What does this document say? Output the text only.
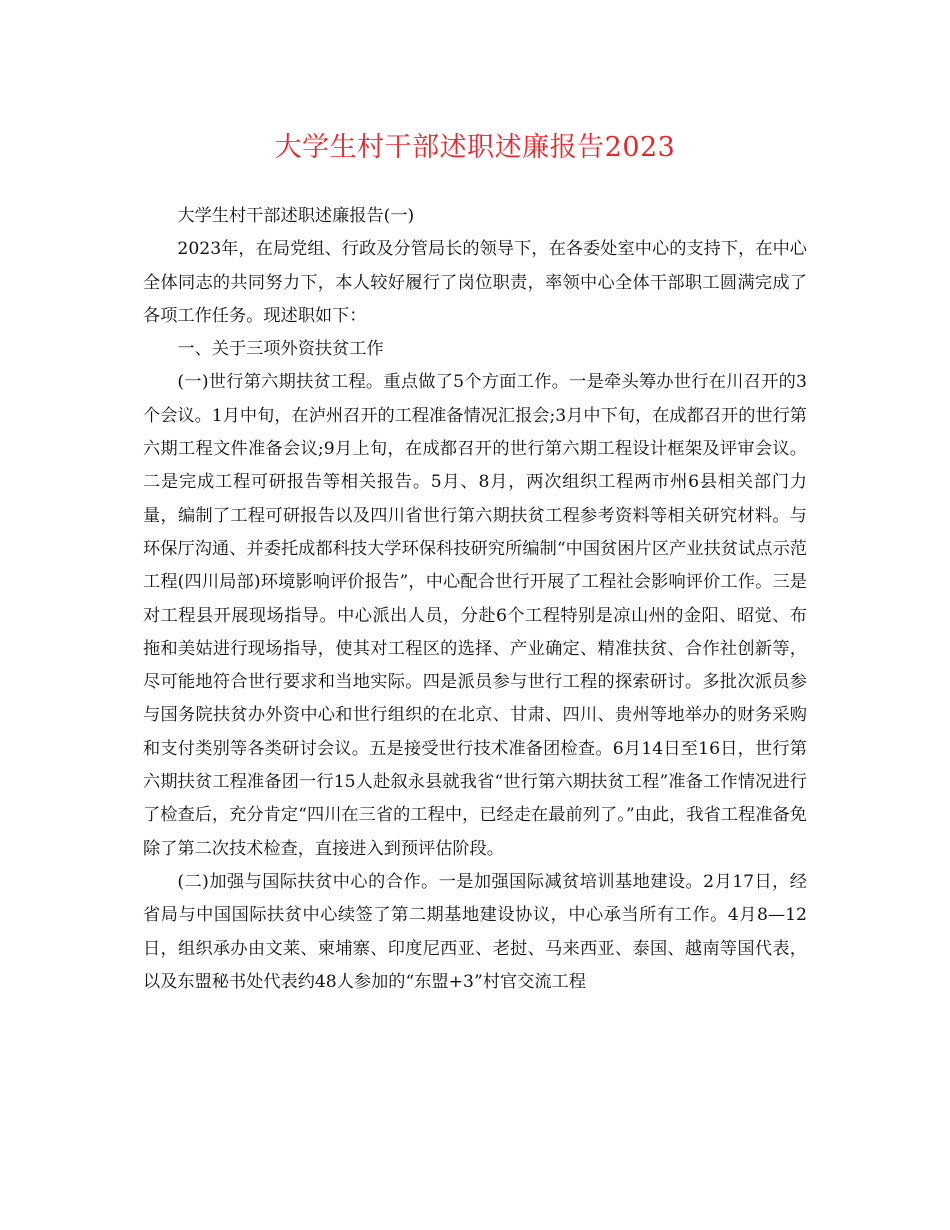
大学生村干部述职述廉报告2023

大学生村干部述职述廉报告(一)

2023年，在局党组、行政及分管局长的领导下，在各委处室中心的支持下，在中心全体同志的共同努力下，本人较好履行了岗位职责，率领中心全体干部职工圆满完成了各项工作任务。现述职如下：

一、关于三项外资扶贫工作

(一)世行第六期扶贫工程。重点做了5个方面工作。一是牵头筹办世行在川召开的3个会议。1月中旬，在泸州召开的工程准备情况汇报会;3月中下旬，在成都召开的世行第六期工程文件准备会议;9月上旬，在成都召开的世行第六期工程设计框架及评审会议。二是完成工程可研报告等相关报告。5月、8月，两次组织工程两市州6县相关部门力量，编制了工程可研报告以及四川省世行第六期扶贫工程参考资料等相关研究材料。与环保厅沟通、并委托成都科技大学环保科技研究所编制“中国贫困片区产业扶贫试点示范工程(四川局部)环境影响评价报告”，中心配合世行开展了工程社会影响评价工作。三是对工程县开展现场指导。中心派出人员，分赴6个工程特别是凉山州的金阳、昭觉、布拖和美姑进行现场指导，使其对工程区的选择、产业确定、精准扶贫、合作社创新等，尽可能地符合世行要求和当地实际。四是派员参与世行工程的探索研讨。多批次派员参与国务院扶贫办外资中心和世行组织的在北京、甘肃、四川、贵州等地举办的财务采购和支付类别等各类研讨会议。五是接受世行技术准备团检查。6月14日至16日，世行第六期扶贫工程准备团一行15人赴叙永县就我省“世行第六期扶贫工程”准备工作情况进行了检查后，充分肯定“四川在三省的工程中，已经走在最前列了。”由此，我省工程准备免除了第二次技术检查，直接进入到预评估阶段。

(二)加强与国际扶贫中心的合作。一是加强国际减贫培训基地建设。2月17日，经省局与中国国际扶贫中心续签了第二期基地建设协议，中心承当所有工作。4月8—12日，组织承办由文莱、柬埔寨、印度尼西亚、老挝、马来西亚、泰国、越南等国代表，以及东盟秘书处代表约48人参加的“东盟+3”村官交流工程
